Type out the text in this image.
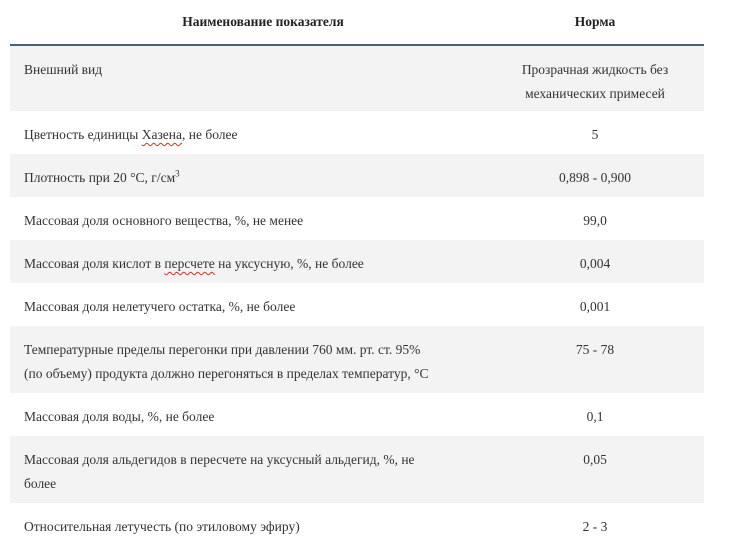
Наименование показателя	Норма
Внешний вид	Прозрачная жидкость без
механических примесей

Цветность единицы Хазена, не более	5
Плотность при 20 °С, $г/см^3$	0,898 - 0,900
Массовая доля основного вещества, %, не менее	99,0
Массовая доля кислот в персчете на уксусную, %, не более	0,004
Массовая доля нелетучего остатка, %, не более	0,001

Температурные пределы перегонки при давлении 760 мм. рт. ст. 95%
(по объему) продукта должно перегоняться в пределах температур, °С	75 - 78
Массовая доля воды, %, не более	0,1

Массовая доля альдегидов в пересчете на уксусный альдегид, %, не
более	0,05
Относительная летучесть (по этиловому эфиру)	2 - 3
